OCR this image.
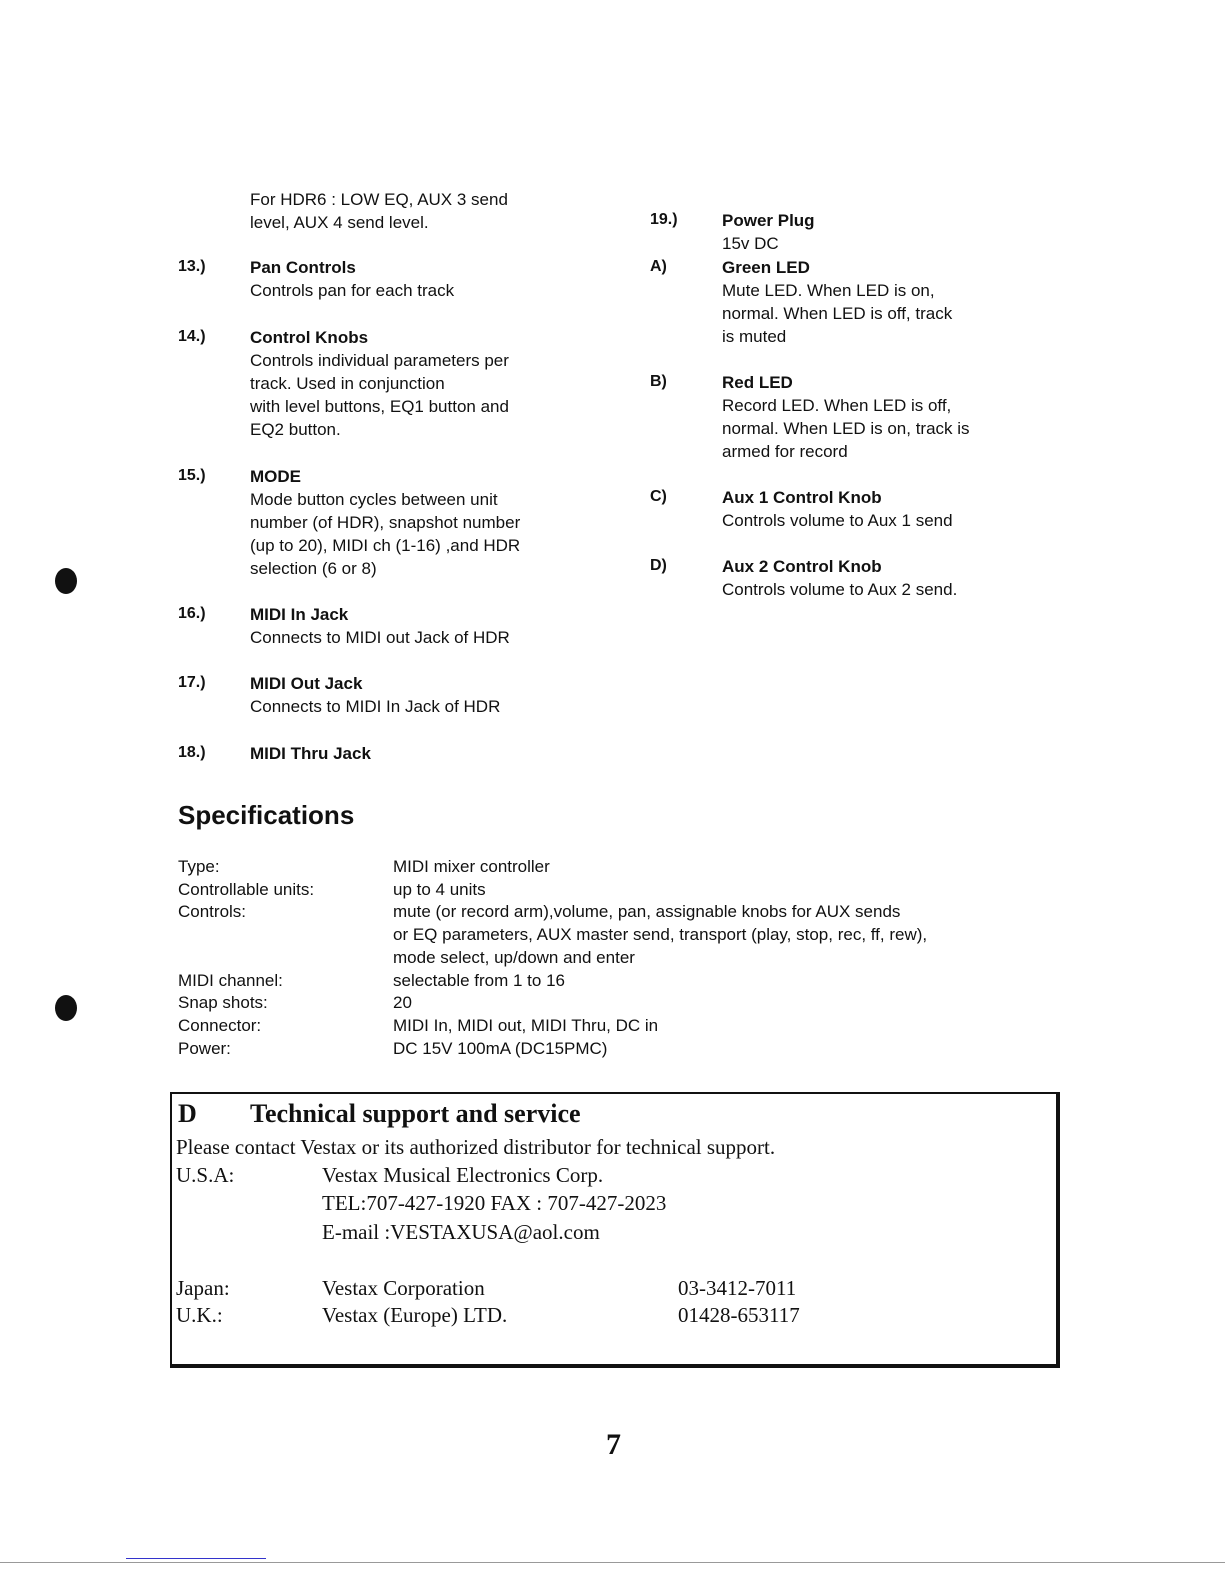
For HDR6 : LOW EQ, AUX 3 send
level, AUX 4 send level.
13.)	Pan Controls
Controls pan for each track
14.)	Control Knobs
Controls individual parameters per
track. Used in conjunction
with level buttons, EQ1 button and
EQ2 button.
15.)	MODE
Mode button cycles between unit
number (of HDR), snapshot number
(up to 20), MIDI ch (1-16) ,and HDR
selection (6 or 8)
16.)	MIDI In Jack
Connects to MIDI out Jack of HDR
17.)	MIDI Out Jack
Connects to MIDI In Jack of HDR
18.)	MIDI Thru Jack
19.)	Power Plug
15v DC
A)	Green LED
Mute LED. When LED is on,
normal. When LED is off, track
is muted
B)	Red LED
Record LED. When LED is off,
normal. When LED is on, track is
armed for record
C)	Aux 1 Control Knob
Controls volume to Aux 1 send
D)	Aux 2 Control Knob
Controls volume to Aux 2 send.
Specifications
Type:	MIDI mixer controller
Controllable units:	up to 4 units
Controls:	mute (or record arm),volume, pan, assignable knobs for AUX sends
or EQ parameters, AUX master send, transport (play, stop, rec, ff, rew),
mode select, up/down and enter
MIDI channel:	selectable from 1 to 16
Snap shots:	20
Connector:	MIDI In, MIDI out, MIDI Thru, DC in
Power:	DC 15V 100mA (DC15PMC)
D Technical support and service
Please contact Vestax or its authorized distributor for technical support.
U.S.A:	Vestax Musical Electronics Corp.
TEL:707-427-1920 FAX : 707-427-2023
E-mail :VESTAXUSA@aol.com
Japan:	Vestax Corporation	03-3412-7011
U.K.:	Vestax (Europe) LTD.	01428-653117
7
